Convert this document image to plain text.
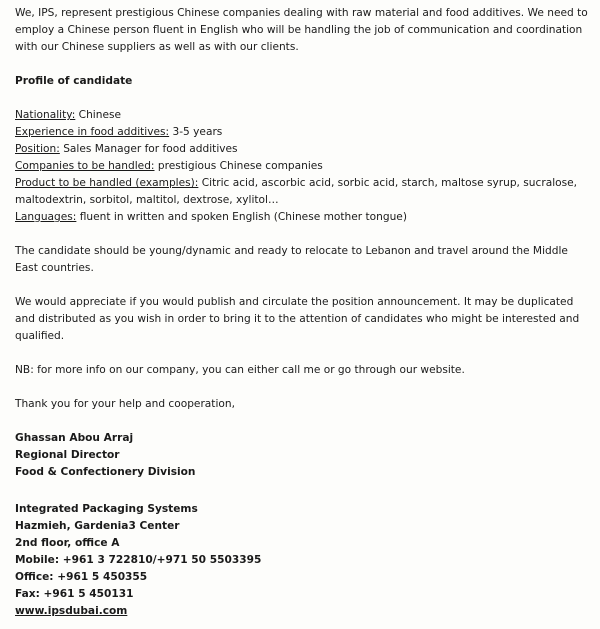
We, IPS, represent prestigious Chinese companies dealing with raw material and food additives. We need to employ a Chinese person fluent in English who will be handling the job of communication and coordination with our Chinese suppliers as well as with our clients.

Profile of candidate

Nationality: Chinese

Experience in food additives: 3-5 years

Position: Sales Manager for food additives

Companies to be handled: prestigious Chinese companies

Product to be handled (examples): Citric acid, ascorbic acid, sorbic acid, starch, maltose syrup, sucralose, maltodextrin, sorbitol, maltitol, dextrose, xylitol…

Languages: fluent in written and spoken English (Chinese mother tongue)

The candidate should be young/dynamic and ready to relocate to Lebanon and travel around the Middle East countries.

We would appreciate if you would publish and circulate the position announcement. It may be duplicated and distributed as you wish in order to bring it to the attention of candidates who might be interested and qualified.

NB: for more info on our company, you can either call me or go through our website.

Thank you for your help and cooperation,

Ghassan Abou Arraj

Regional Director

Food & Confectionery Division

Integrated Packaging Systems

Hazmieh, Gardenia3 Center

2nd floor, office A

Mobile: +961 3 722810/+971 50 5503395

Office: +961 5 450355

Fax: +961 5 450131

www.ipsdubai.com
